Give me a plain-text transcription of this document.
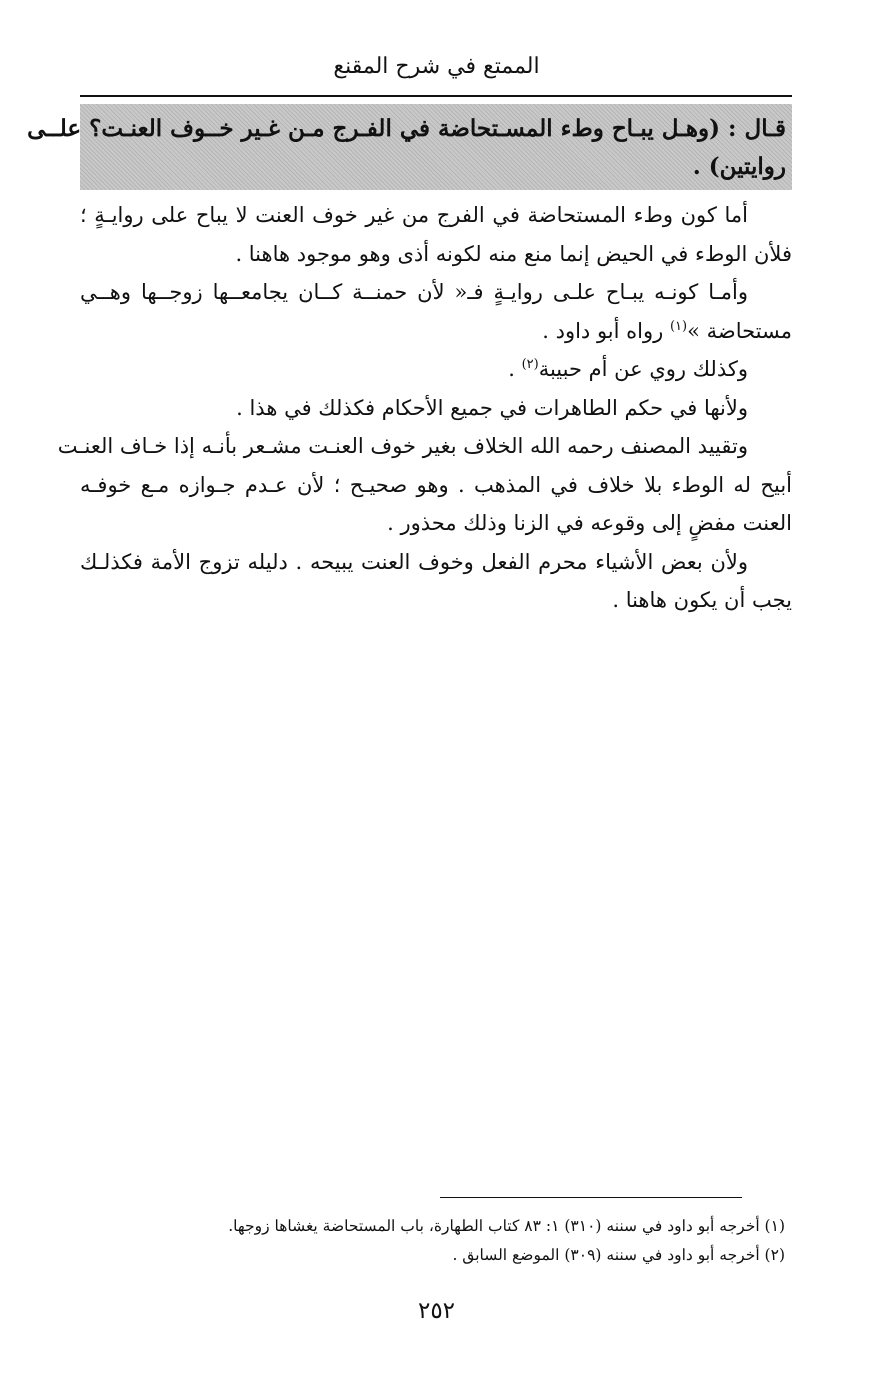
الممتع في شرح المقنع
قـال : (وهـل يبـاح وطء المسـتحاضة في الفـرج مـن غـير خــوف العنـت؟ علــى
روايتين) .
أما كون وطء المستحاضة في الفرج من غير خوف العنت لا يباح على روايـةٍ ؛
فلأن الوطء في الحيض إنما منع منه لكونه أذى وهو موجود هاهنا .
وأمـا كونـه يبـاح علـى روايـةٍ فـ« لأن حمنــة كــان يجامعــها زوجــها وهــي
مستحاضة »$^{(١)}$ رواه أبو داود .
وكذلك روي عن أم حبيبة$^{(٢)}$ .
ولأنها في حكم الطاهرات في جميع الأحكام فكذلك في هذا .
وتقييد المصنف رحمه الله الخلاف بغير خوف العنـت مشـعر بأنـه إذا خـاف العنـت
أبيح له الوطء بلا خلاف في المذهب . وهو صحيـح ؛ لأن عـدم جـوازه مـع خوفـه
العنت مفضٍ إلى وقوعه في الزنا وذلك محذور .
ولأن بعض الأشياء محرم الفعل وخوف العنت يبيحه . دليله تزوج الأمة فكذلـك
يجب أن يكون هاهنا .
(١) أخرجه أبو داود في سننه (٣١٠) ١: ٨٣ كتاب الطهارة، باب المستحاضة يغشاها زوجها.
(٢) أخرجه أبو داود في سننه (٣٠٩) الموضع السابق .
٢٥٢
